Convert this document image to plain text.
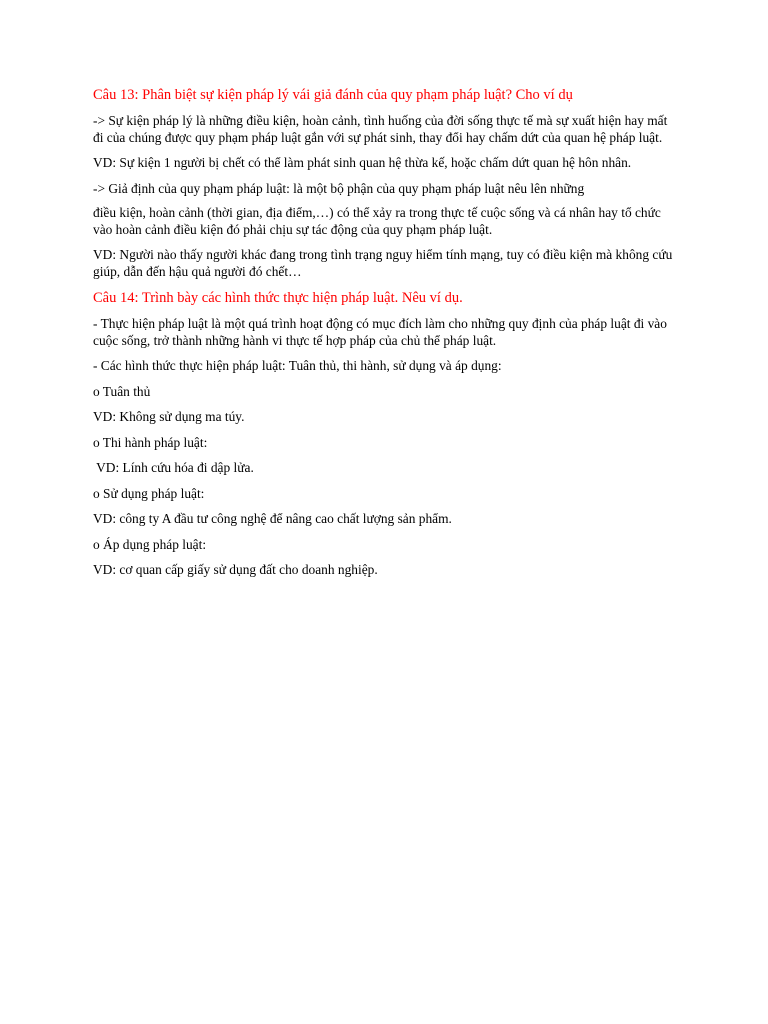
Câu 13: Phân biệt sự kiện pháp lý vái giả đánh của quy phạm pháp luật? Cho ví dụ

-> Sự kiện pháp lý là những điều kiện, hoàn cảnh, tình huống của đời sống thực tế mà sự xuất hiện hay mất đi của chúng được quy phạm pháp luật gắn với sự phát sinh, thay đổi hay chấm dứt của quan hệ pháp luật.

VD: Sự kiện 1 người bị chết có thể làm phát sinh quan hệ thừa kế, hoặc chấm dứt quan hệ hôn nhân.

-> Giả định của quy phạm pháp luật: là một bộ phận của quy phạm pháp luật nêu lên những

điều kiện, hoàn cảnh (thời gian, địa điểm,…) có thể xảy ra trong thực tế cuộc sống và cá nhân hay tổ chức vào hoàn cảnh điều kiện đó phải chịu sự tác động của quy phạm pháp luật.

VD: Người nào thấy người khác đang trong tình trạng nguy hiểm tính mạng, tuy có điều kiện mà không cứu giúp, dẫn đến hậu quả người đó chết…

Câu 14: Trình bày các hình thức thực hiện pháp luật. Nêu ví dụ.

- Thực hiện pháp luật là một quá trình hoạt động có mục đích làm cho những quy định của pháp luật đi vào cuộc sống, trở thành những hành vi thực tế hợp pháp của chủ thể pháp luật.

- Các hình thức thực hiện pháp luật: Tuân thủ, thi hành, sử dụng và áp dụng:

o Tuân thủ

VD: Không sử dụng ma túy.

o Thi hành pháp luật:

VD: Lính cứu hóa đi dập lửa.

o Sử dụng pháp luật:

VD: công ty A đầu tư công nghệ để nâng cao chất lượng sản phẩm.

o Áp dụng pháp luật:

VD: cơ quan cấp giấy sử dụng đất cho doanh nghiệp.
